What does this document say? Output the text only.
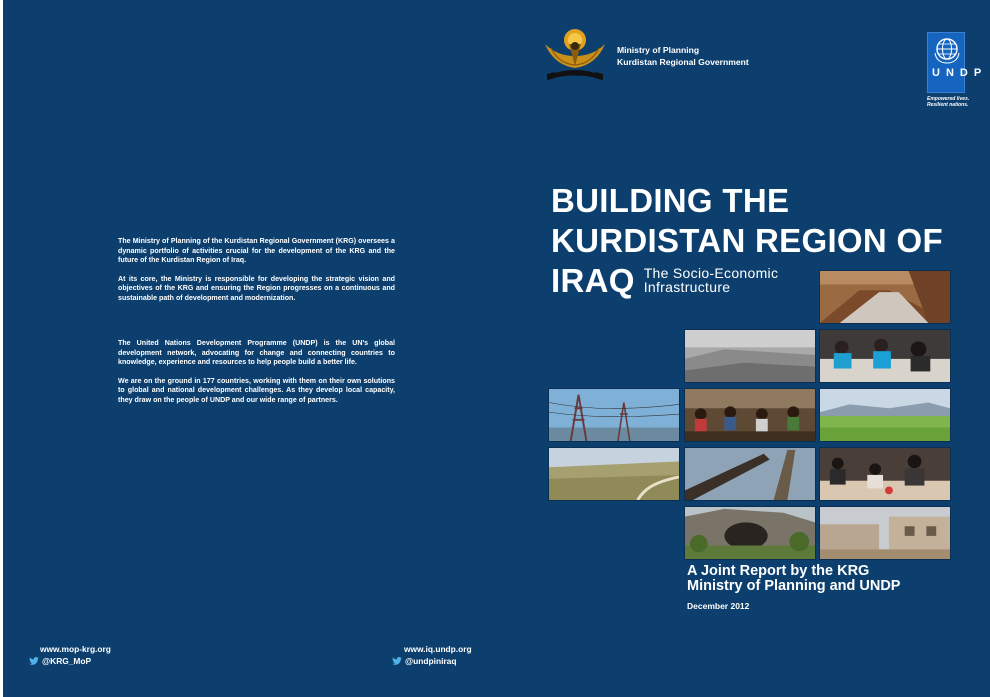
The Ministry of Planning of the Kurdistan Regional Government (KRG) oversees a dynamic portfolio of activities crucial for the development of the KRG and the future of the Kurdistan Region of Iraq.

At its core, the Ministry is responsible for developing the strategic vision and objectives of the KRG and ensuring the Region progresses on a continuous and sustainable path of development and modernization.

The United Nations Development Programme (UNDP) is the UN's global development network, advocating for change and connecting countries to knowledge, experience and resources to help people build a better life.

We are on the ground in 177 countries, working with them on their own solutions to global and national development challenges. As they develop local capacity, they draw on the people of UNDP and our wide range of partners.

www.mop-krg.org
@KRG_MoP
www.iq.undp.org
@undpiniraq
Ministry of Planning
Kurdistan Regional Government
UNDP
Empowered lives.
Resilient nations.
BUILDING THE
KURDISTAN REGION OF
IRAQ The Socio-Economic
Infrastructure
A Joint Report by the KRG
Ministry of Planning and UNDP
December 2012
